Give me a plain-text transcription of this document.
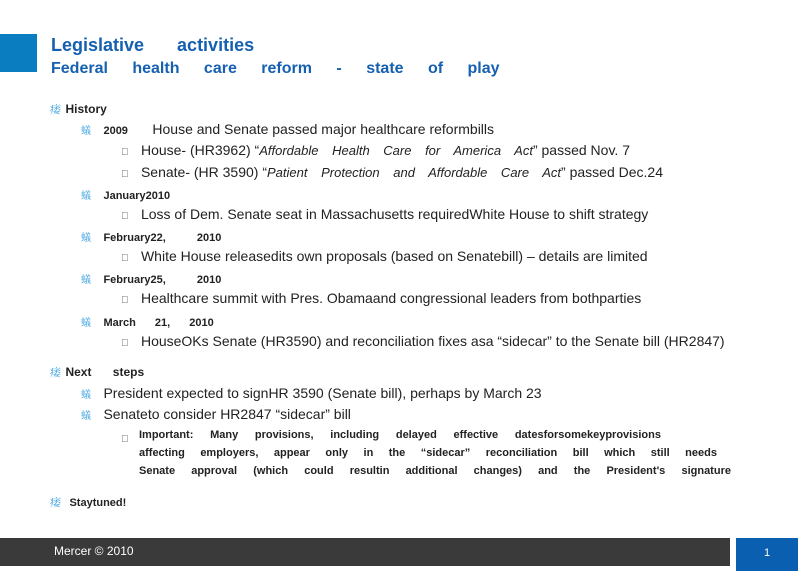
Legislative activities
Federal health care reform - state of play
痿 History
蟻 2009 House and Senate passed major healthcare reformbills
House- (HR3962) “Affordable Health Care for America Act” passed Nov. 7
Senate- (HR 3590) “Patient Protection and Affordable Care Act” passed Dec.24
蟻 January2010
Loss of Dem. Senate seat in Massachusetts requiredWhite House to shift strategy
蟻 February22, 2010
White House releasedits own proposals (based on Senatebill) – details are limited
蟻 February25, 2010
Healthcare summit with Pres. Obamaand congressional leaders from bothparties
蟻 March 21, 2010
HouseOKs Senate (HR3590) and reconciliation fixes asa “sidecar” to the Senate bill (HR2847)
痿 Next steps
蟻 President expected to signHR 3590 (Senate bill), perhaps by March 23
蟻 Senateto consider HR2847 “sidecar” bill
Important: Many provisions, including delayed effective datesforsomekeyprovisions
affecting employers, appear only in the “sidecar” reconciliation bill which still needs
Senate approval (which could resultin additional changes) and the President's signature
痿 Staytuned!
Mercer © 2010	1
